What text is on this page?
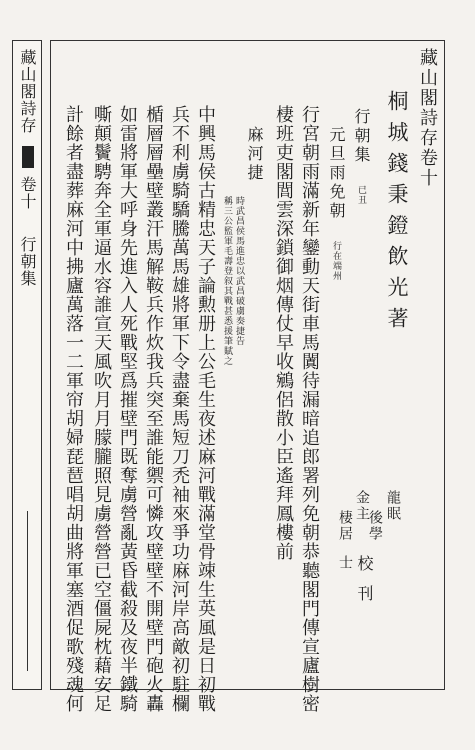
藏山閣詩存
卷十
行朝集
藏山閣詩存卷十
桐城錢秉鐙飲光著
行朝集 已丑
元旦雨免朝 行在端州
行宮朝雨滿新年鑾動天街車馬闐待漏暗追郎署列免朝恭聽閣門傳宣廬樹密
棲班吏閣閭雲深鎖御烟傳仗早收鵷侶散小臣遙拜鳳樓前
麻河捷
時武昌侯馬進忠以武昌破虜奏捷告
稱三公監軍毛壽登叙其戰甚悉援筆賦之
中興馬侯古精忠天子論勲册上公毛生夜述麻河戰滿堂骨竦生英風是日初戰
兵不利虜騎驕騰萬馬雄將軍下令盡棄馬短刀禿袖來爭功麻河岸高敵初駐欄
楯層層壘壁叢汗馬解鞍兵作炊我兵突至誰能禦可憐攻壁壁不開壁門砲火轟
如雷將軍大呼身先進入人死戰堅爲摧壁門既奪虜營亂黃昏截殺及夜半鐵騎
嘶顛鬢騁奔全軍逼水容誰宣天風吹月月朦朧照見虜營營已空僵屍枕藉安足
計餘者盡葬麻河中拂廬萬落一二軍帘胡婦琵琶唱胡曲將軍塞酒促歌殘魂何	龍眠
後學
金主
棲居
士 校刊
